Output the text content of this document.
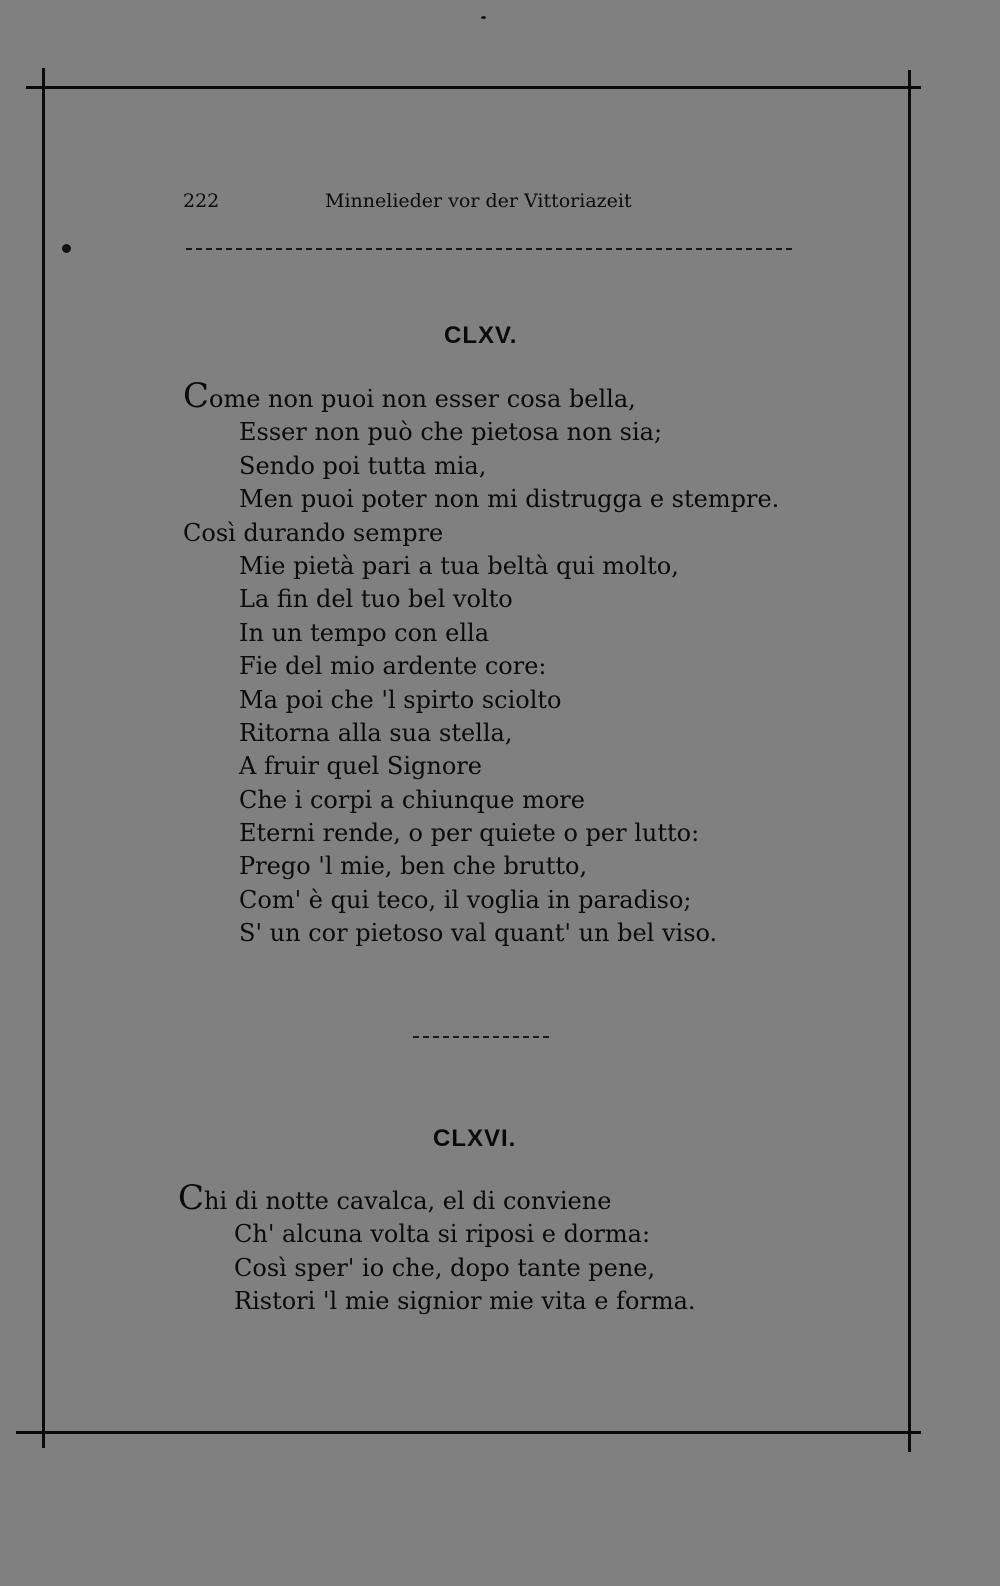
222	Minnelieder vor der Vittoriazeit
CLXV.
Come non puoi non esser cosa bella,
Esser non può che pietosa non sia;
Sendo poi tutta mia,
Men puoi poter non mi distrugga e stempre.
Così durando sempre
Mie pietà pari a tua beltà qui molto,
La fin del tuo bel volto
In un tempo con ella
Fie del mio ardente core:
Ma poi che 'l spirto sciolto
Ritorna alla sua stella,
A fruir quel Signore
Che i corpi a chiunque more
Eterni rende, o per quiete o per lutto:
Prego 'l mie, ben che brutto,
Com' è qui teco, il voglia in paradiso;
S' un cor pietoso val quant' un bel viso.
CLXVI.
Chi di notte cavalca, el di conviene
Ch' alcuna volta si riposi e dorma:
Così sper' io che, dopo tante pene,
Ristori 'l mie signior mie vita e forma.
